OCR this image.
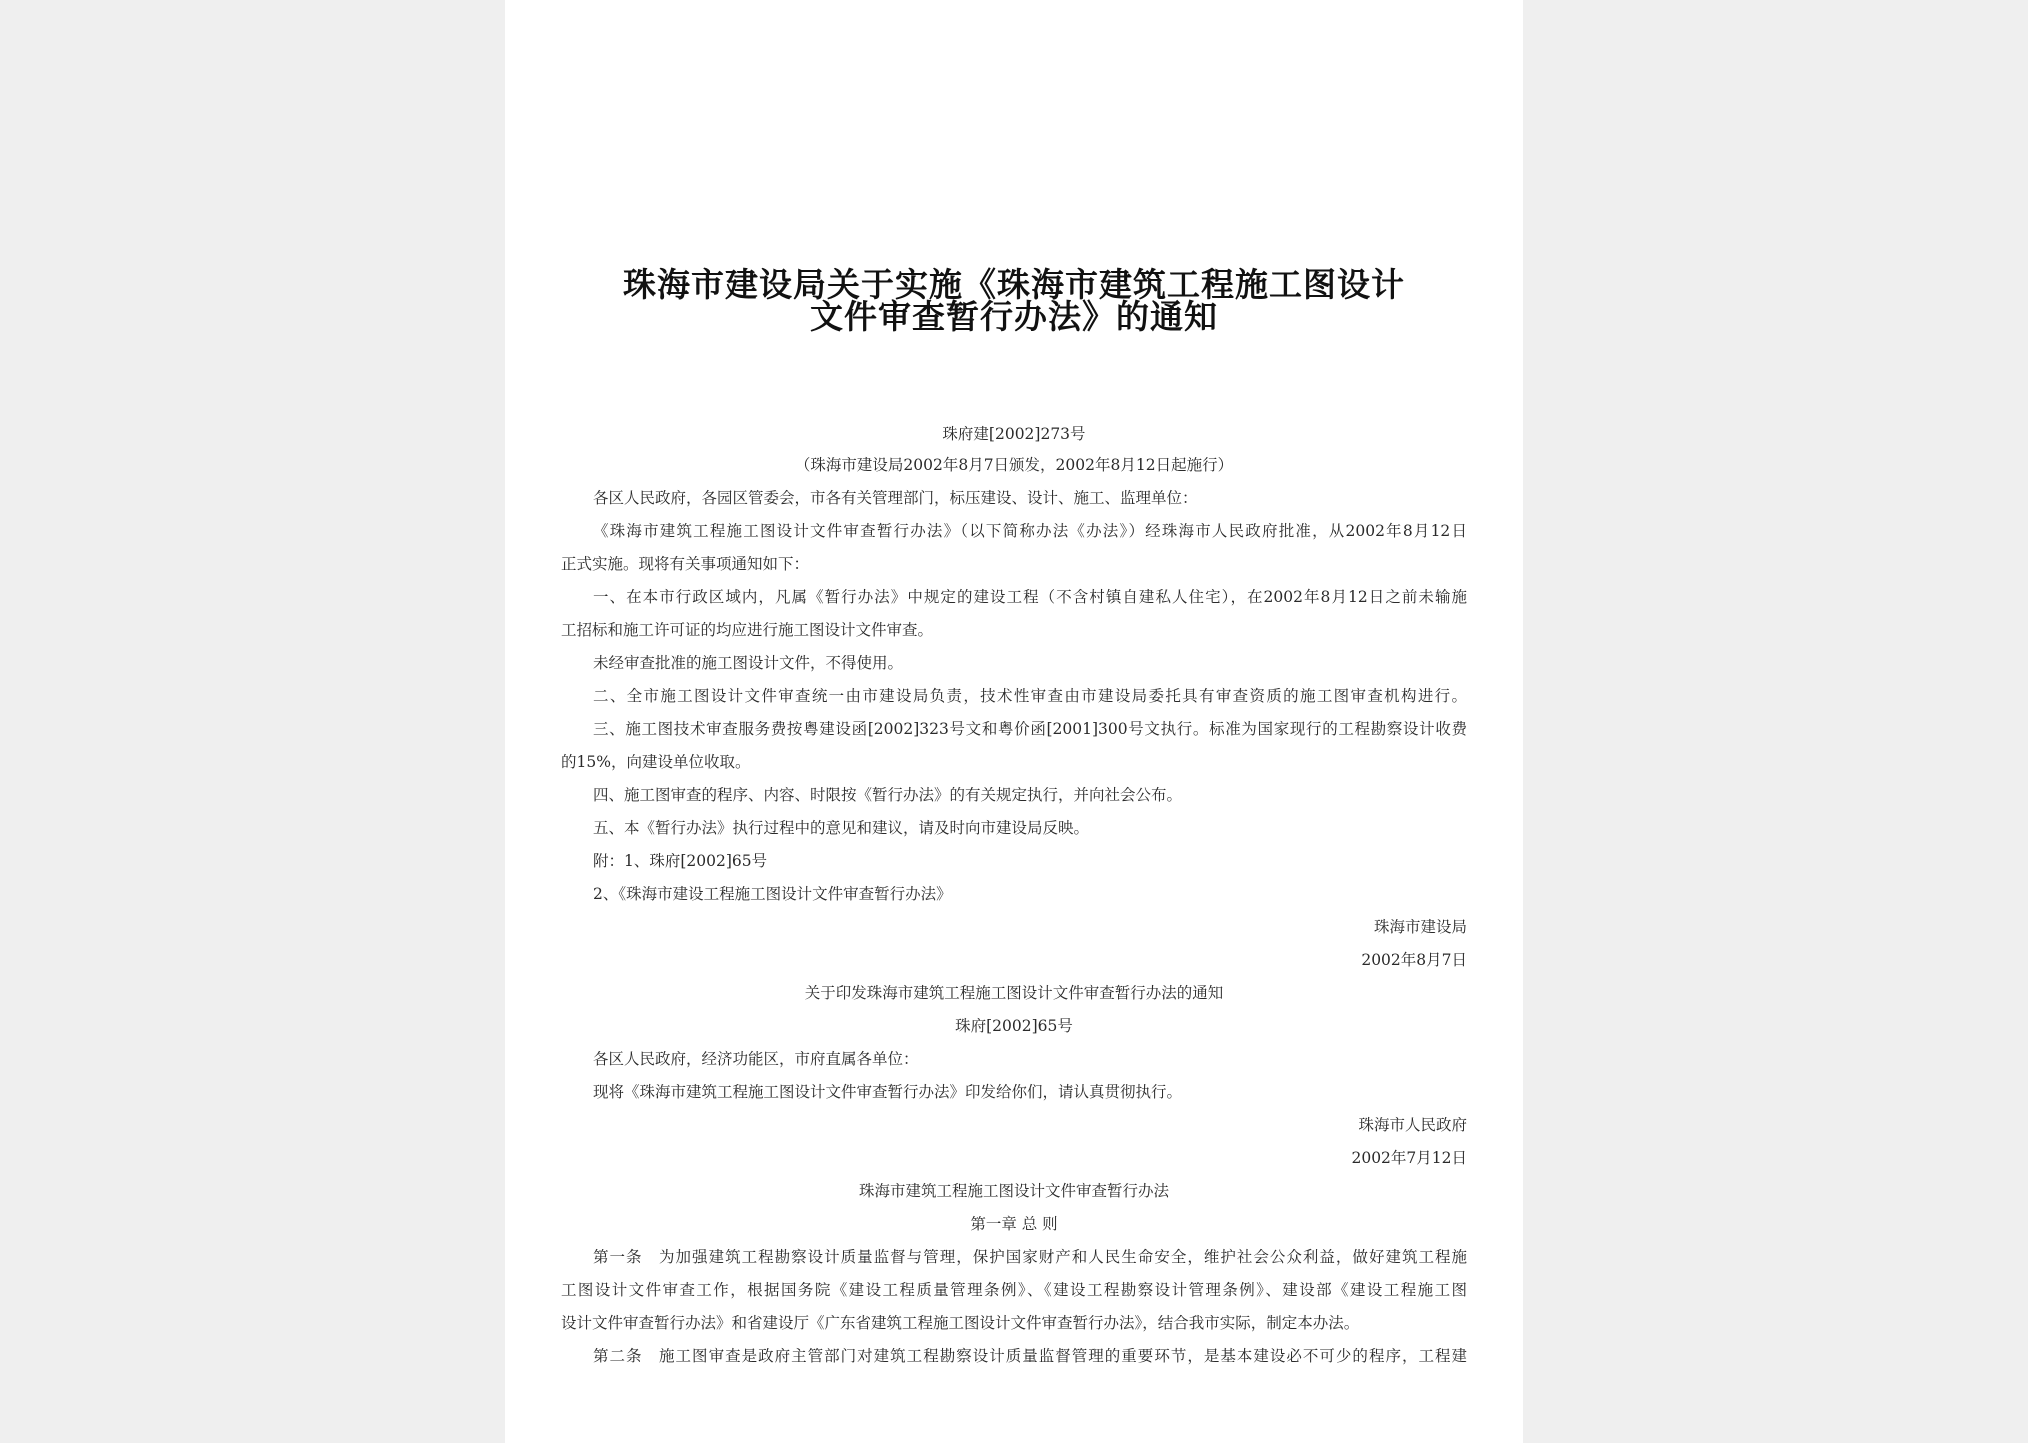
珠海市建设局关于实施《珠海市建筑工程施工图设计
文件审查暂行办法》的通知
珠府建[2002]273号
（珠海市建设局2002年8月7日颁发，2002年8月12日起施行）
各区人民政府，各园区管委会，市各有关管理部门，标压建设、设计、施工、监理单位：
《珠海市建筑工程施工图设计文件审查暂行办法》（以下简称办法《办法》）经珠海市人民政府批准，从2002年8月12日
正式实施。现将有关事项通知如下：
一、在本市行政区域内，凡属《暂行办法》中规定的建设工程（不含村镇自建私人住宅），在2002年8月12日之前未输施
工招标和施工许可证的均应进行施工图设计文件审查。
未经审查批准的施工图设计文件，不得使用。
二、全市施工图设计文件审查统一由市建设局负责，技术性审查由市建设局委托具有审查资质的施工图审查机构进行。
三、施工图技术审查服务费按粤建设函[2002]323号文和粤价函[2001]300号文执行。标准为国家现行的工程勘察设计收费
的15%，向建设单位收取。
四、施工图审查的程序、内容、时限按《暂行办法》的有关规定执行，并向社会公布。
五、本《暂行办法》执行过程中的意见和建议，请及时向市建设局反映。
附：1、珠府[2002]65号
2、《珠海市建设工程施工图设计文件审查暂行办法》
珠海市建设局
2002年8月7日
关于印发珠海市建筑工程施工图设计文件审查暂行办法的通知
珠府[2002]65号
各区人民政府，经济功能区，市府直属各单位：
现将《珠海市建筑工程施工图设计文件审查暂行办法》印发给你们，请认真贯彻执行。
珠海市人民政府
2002年7月12日
珠海市建筑工程施工图设计文件审查暂行办法
第一章 总 则
第一条　为加强建筑工程勘察设计质量监督与管理，保护国家财产和人民生命安全，维护社会公众利益，做好建筑工程施
工图设计文件审查工作，根据国务院《建设工程质量管理条例》、《建设工程勘察设计管理条例》、建设部《建设工程施工图
设计文件审查暂行办法》和省建设厅《广东省建筑工程施工图设计文件审查暂行办法》，结合我市实际，制定本办法。
第二条　施工图审查是政府主管部门对建筑工程勘察设计质量监督管理的重要环节，是基本建设必不可少的程序，工程建
